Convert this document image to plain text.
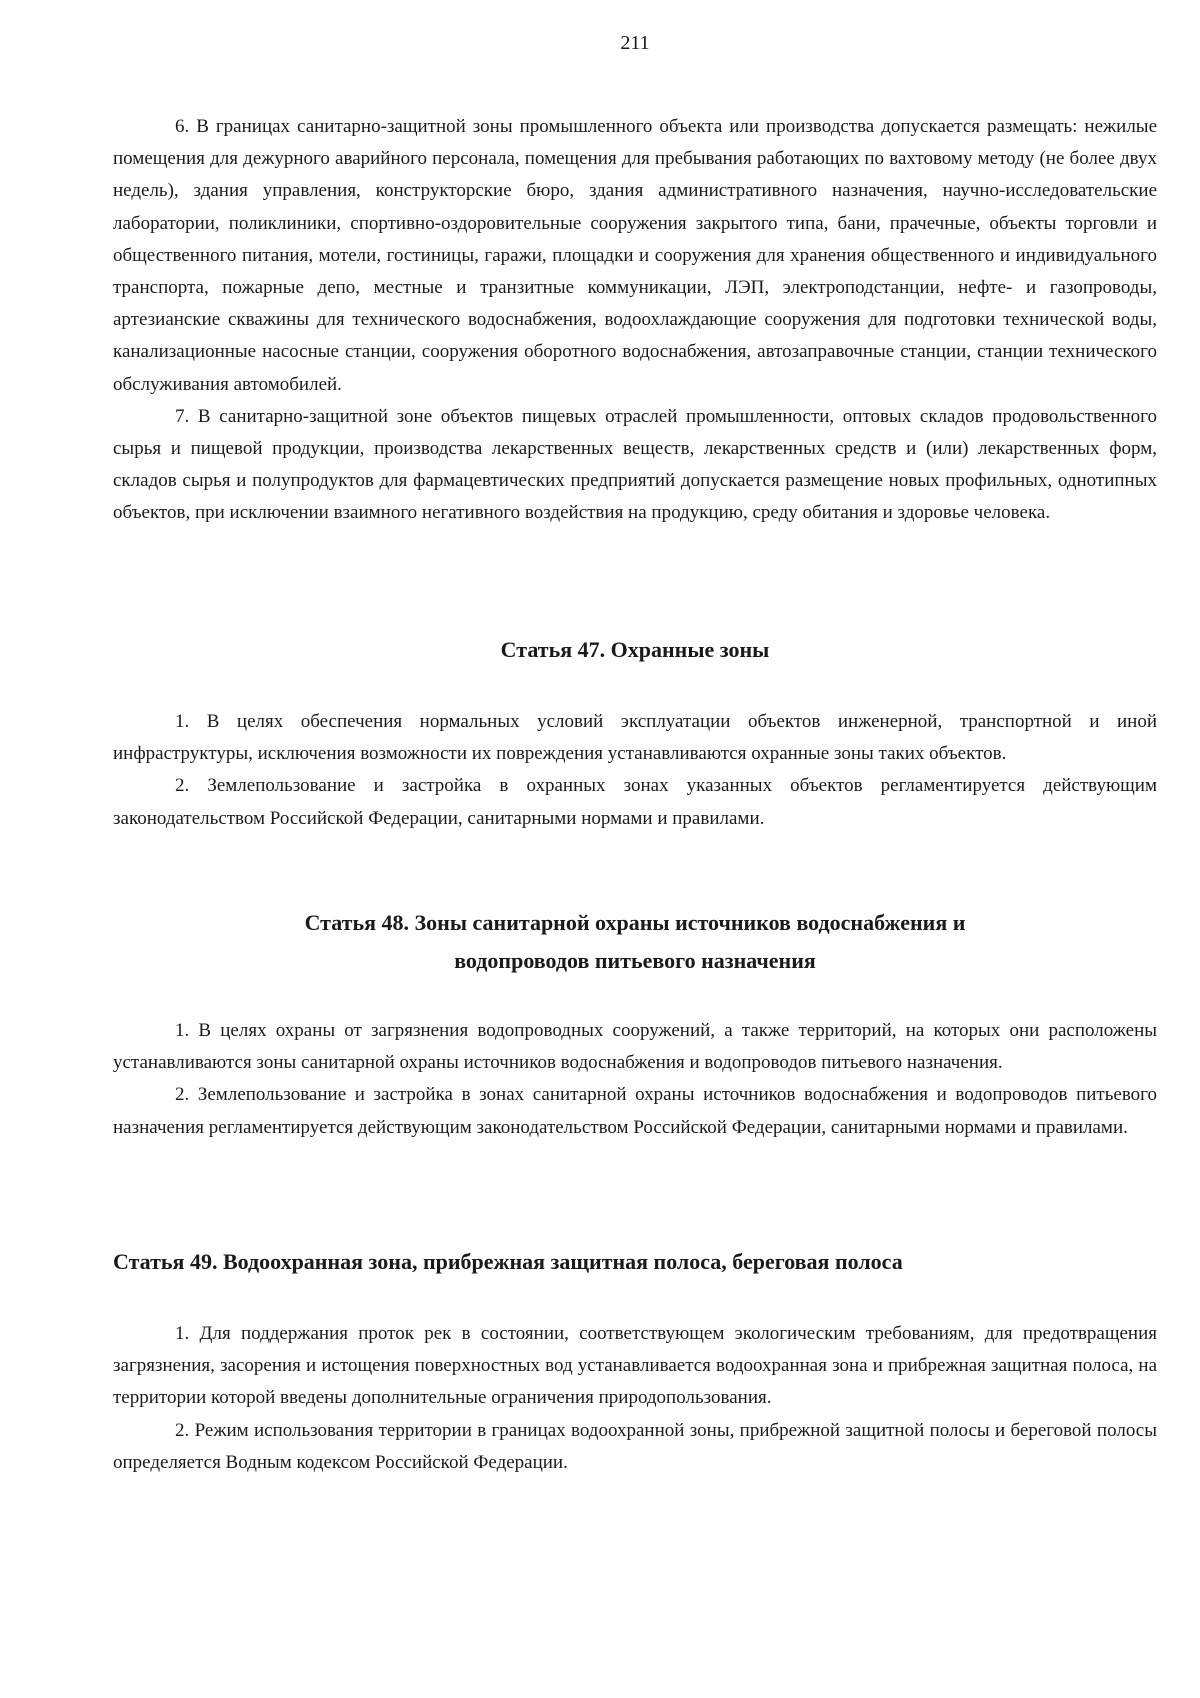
211

6. В границах санитарно-защитной зоны промышленного объекта или производства допускается размещать: нежилые помещения для дежурного аварийного персонала, помещения для пребывания работающих по вахтовому методу (не более двух недель), здания управления, конструкторские бюро, здания административного назначения, научно-исследовательские лаборатории, поликлиники, спортивно-оздоровительные сооружения закрытого типа, бани, прачечные, объекты торговли и общественного питания, мотели, гостиницы, гаражи, площадки и сооружения для хранения общественного и индивидуального транспорта, пожарные депо, местные и транзитные коммуникации, ЛЭП, электроподстанции, нефте- и газопроводы, артезианские скважины для технического водоснабжения, водоохлаждающие сооружения для подготовки технической воды, канализационные насосные станции, сооружения оборотного водоснабжения, автозаправочные станции, станции технического обслуживания автомобилей.

7. В санитарно-защитной зоне объектов пищевых отраслей промышленности, оптовых складов продовольственного сырья и пищевой продукции, производства лекарственных веществ, лекарственных средств и (или) лекарственных форм, складов сырья и полупродуктов для фармацевтических предприятий допускается размещение новых профильных, однотипных объектов, при исключении взаимного негативного воздействия на продукцию, среду обитания и здоровье человека.

Статья 47. Охранные зоны

1. В целях обеспечения нормальных условий эксплуатации объектов инженерной, транспортной и иной инфраструктуры, исключения возможности их повреждения устанавливаются охранные зоны таких объектов.

2. Землепользование и застройка в охранных зонах указанных объектов регламентируется действующим законодательством Российской Федерации, санитарными нормами и правилами.

Статья 48. Зоны санитарной охраны источников водоснабжения и
водопроводов питьевого назначения

1. В целях охраны от загрязнения водопроводных сооружений, а также территорий, на которых они расположены устанавливаются зоны санитарной охраны источников водоснабжения и водопроводов питьевого назначения.

2. Землепользование и застройка в зонах санитарной охраны источников водоснабжения и водопроводов питьевого назначения регламентируется действующим законодательством Российской Федерации, санитарными нормами и правилами.

Статья 49. Водоохранная зона, прибрежная защитная полоса, береговая полоса

1. Для поддержания проток рек в состоянии, соответствующем экологическим требованиям, для предотвращения загрязнения, засорения и истощения поверхностных вод устанавливается водоохранная зона и прибрежная защитная полоса, на территории которой введены дополнительные ограничения природопользования.

2. Режим использования территории в границах водоохранной зоны, прибрежной защитной полосы и береговой полосы определяется Водным кодексом Российской Федерации.
